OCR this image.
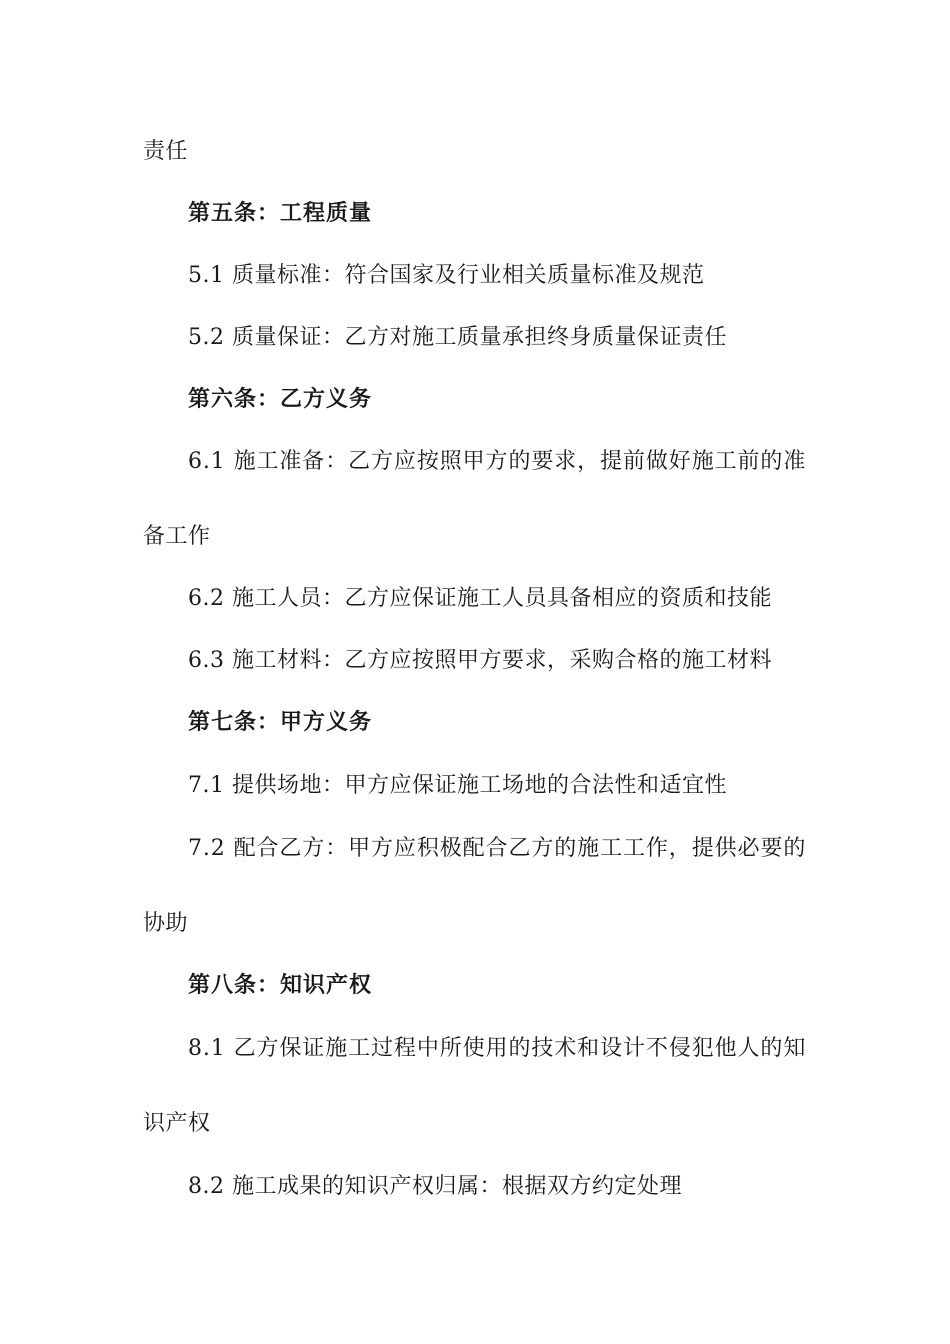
责任
第五条：工程质量
5.1 质量标准：符合国家及行业相关质量标准及规范
5.2 质量保证：乙方对施工质量承担终身质量保证责任
第六条：乙方义务
6 . 1
施 工 准 备 ： 乙 方 应 按 照 甲 方 的 要 求 ， 提 前 做 好 施 工 前 的 准
备工作
6.2 施工人员：乙方应保证施工人员具备相应的资质和技能
6.3 施工材料：乙方应按照甲方要求，采购合格的施工材料
第七条：甲方义务
7.1 提供场地：甲方应保证施工场地的合法性和适宜性
7 . 2
配 合 乙 方 ： 甲 方 应 积 极 配 合 乙 方 的 施 工 工 作 ， 提 供 必 要 的
协助
第八条：知识产权
8 . 1
乙 方 保 证 施 工 过 程 中 所 使 用 的 技 术 和 设 计 不 侵 犯 他 人 的 知
识产权
8.2 施工成果的知识产权归属：根据双方约定处理
